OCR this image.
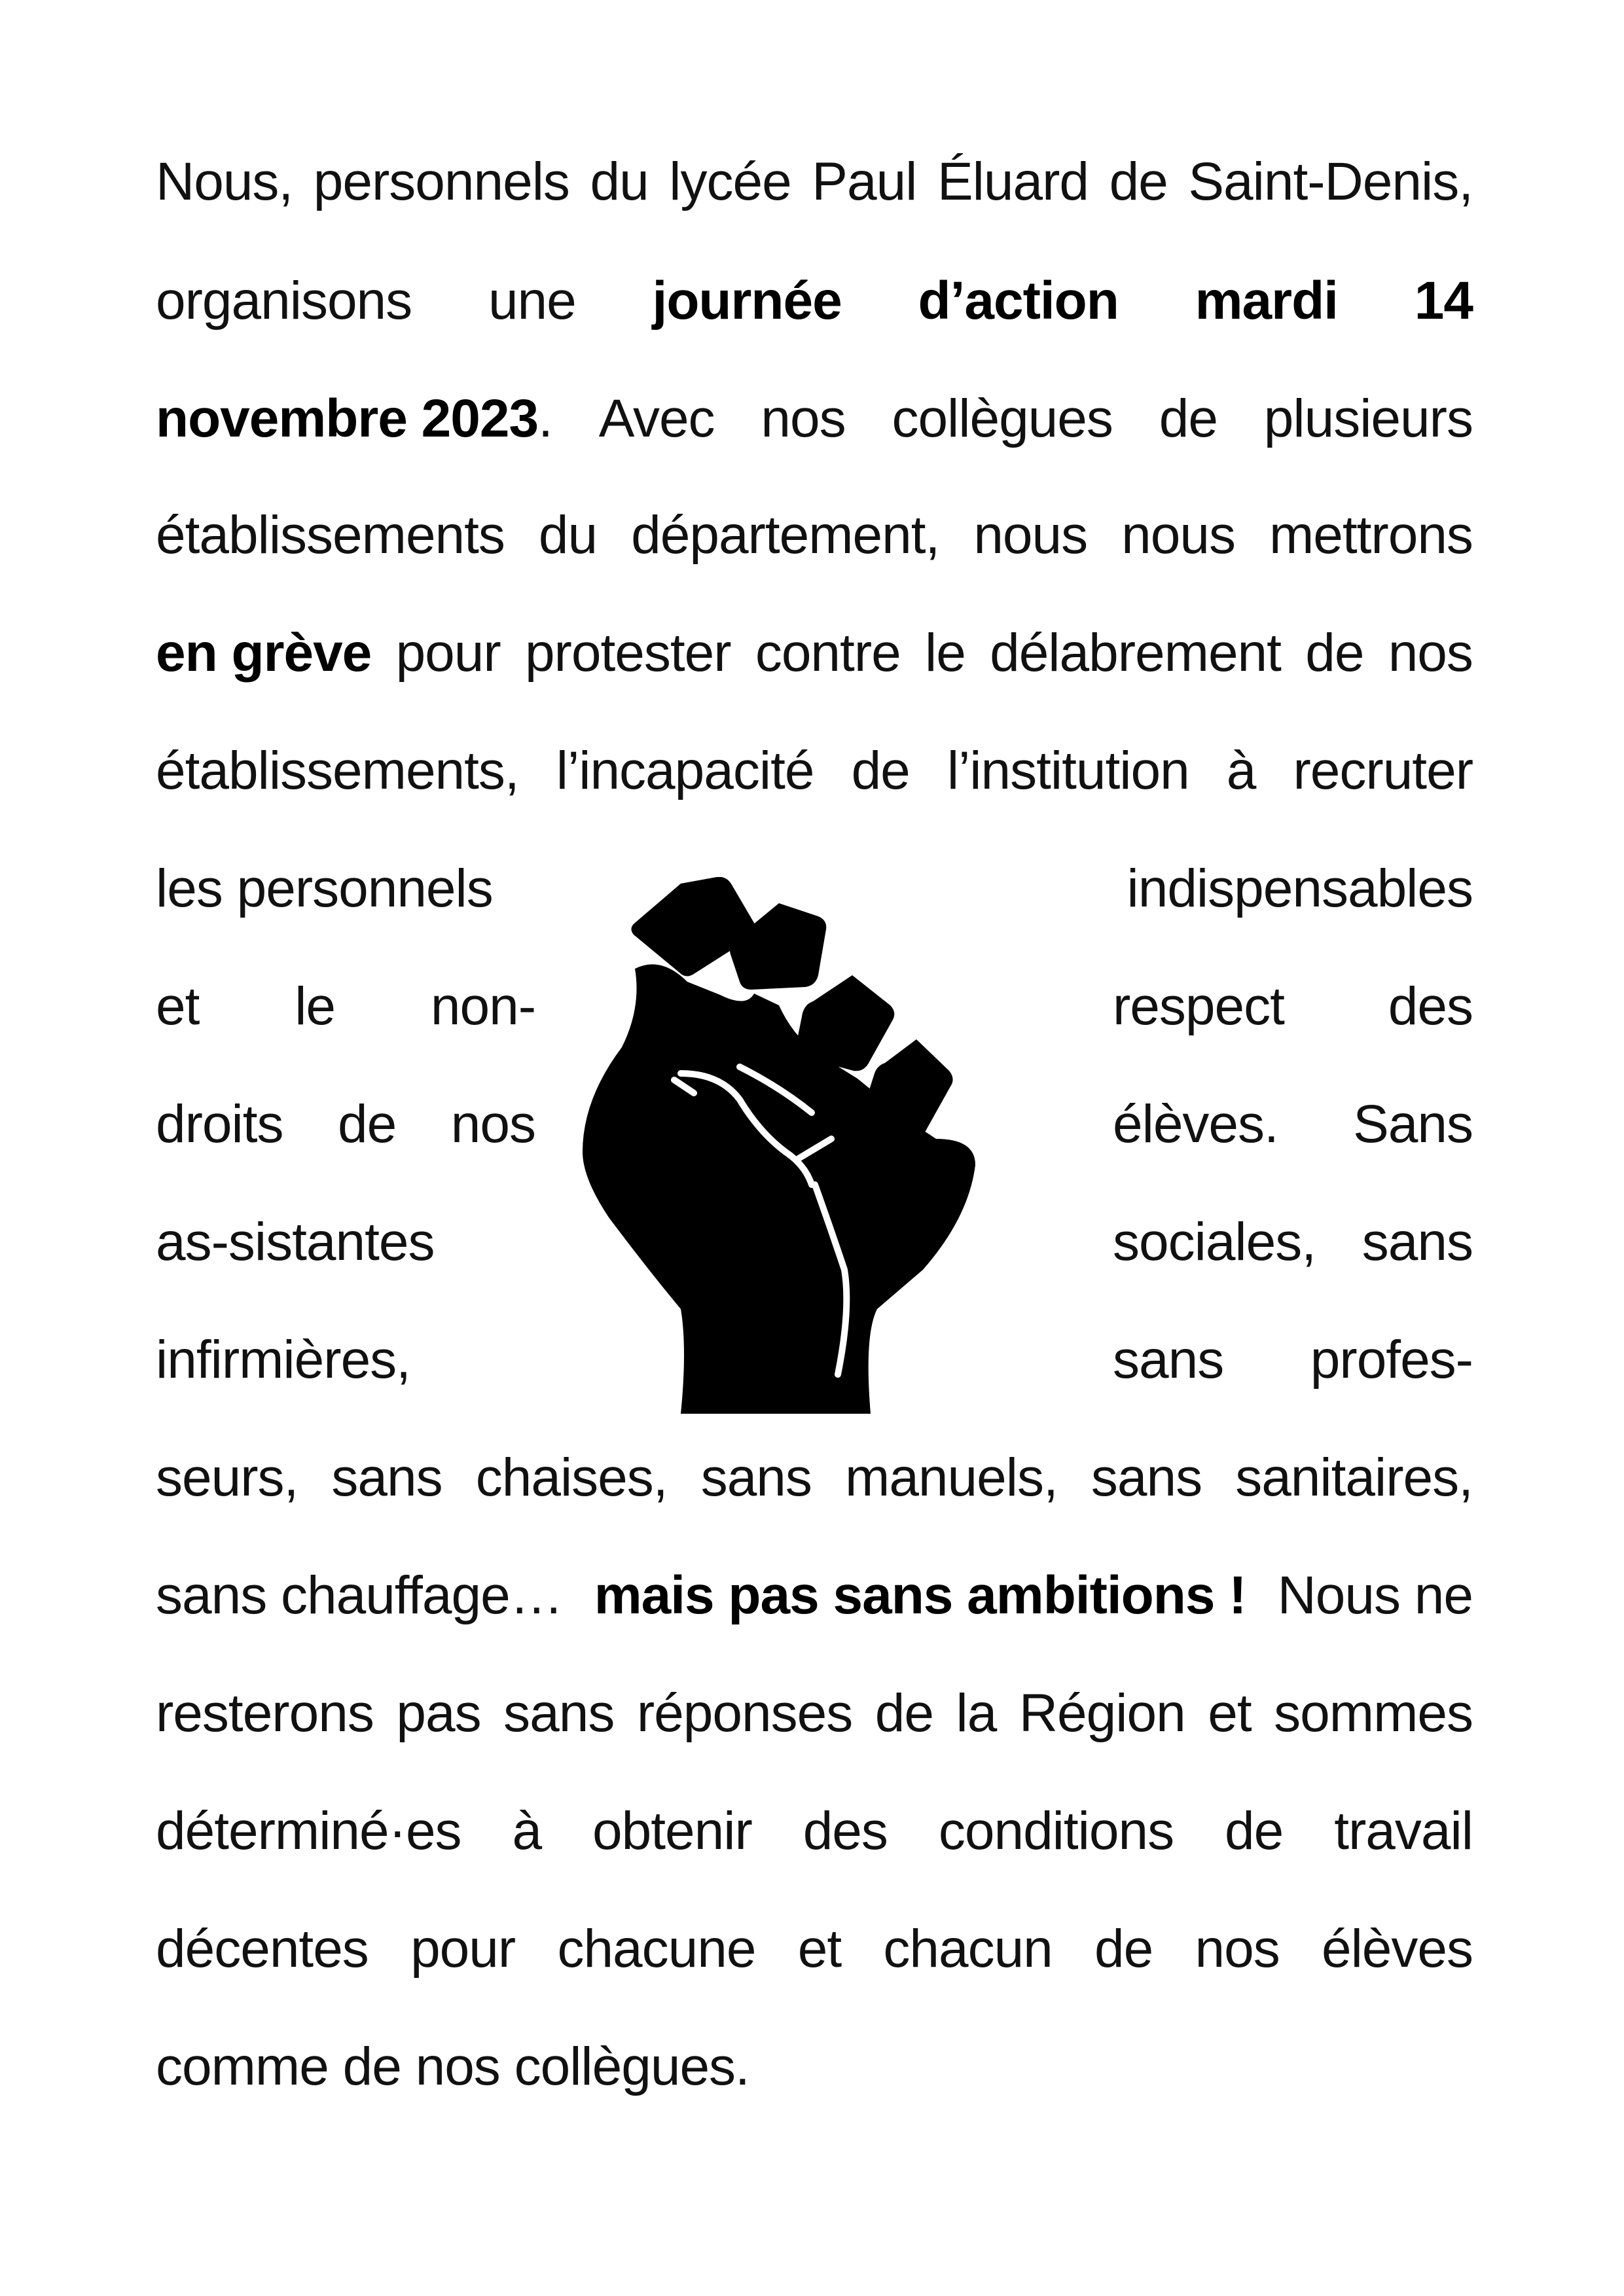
Nous, personnels du lycée Paul Éluard de Saint-Denis,
organisons une journée d’action mardi 14
novembre 2023. Avec nos collègues de plusieurs
établissements du département, nous nous mettrons
en grève pour protester contre le délabrement de nos
établissements, l’incapacité de l’institution à recruter
les personnels	indispensables
et le non-	respect des
droits de nos	élèves. Sans
as-sistantes	sociales, sans
infirmières,	sans profes-
seurs, sans chaises, sans manuels, sans sanitaires,
sans chauffage… mais pas sans ambitions ! Nous ne
resterons pas sans réponses de la Région et sommes
déterminé·es à obtenir des conditions de travail
décentes pour chacune et chacun de nos élèves
comme de nos collègues.
